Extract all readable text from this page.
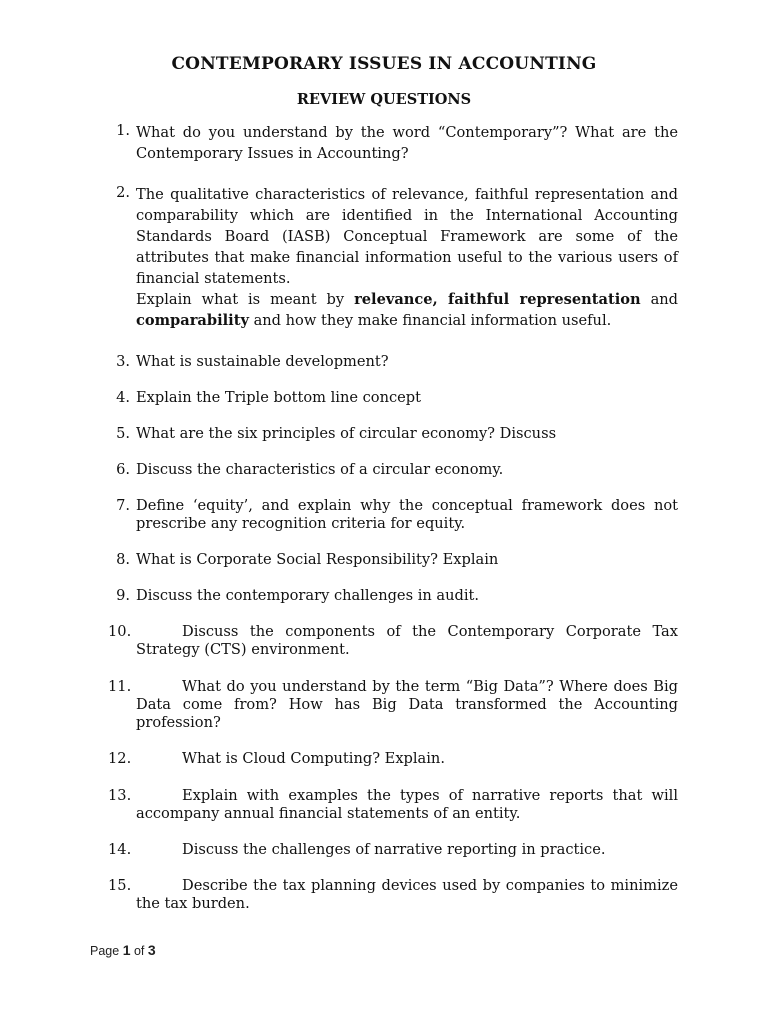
CONTEMPORARY ISSUES IN ACCOUNTING
REVIEW QUESTIONS
1. What do you understand by the word “Contemporary”? What are the Contemporary Issues in Accounting?

2. The qualitative characteristics of relevance, faithful representation and comparability which are identified in the International Accounting Standards Board (IASB) Conceptual Framework are some of the attributes that make financial information useful to the various users of financial statements.

Explain what is meant by relevance, faithful representation and comparability and how they make financial information useful.

3. What is sustainable development?

4. Explain the Triple bottom line concept

5. What are the six principles of circular economy? Discuss

6. Discuss the characteristics of a circular economy.

7. Define ‘equity’, and explain why the conceptual framework does not prescribe any recognition criteria for equity.

8. What is Corporate Social Responsibility? Explain

9. Discuss the contemporary challenges in audit.

10.	Discuss the components of the Contemporary Corporate Tax Strategy (CTS) environment.

11.	What do you understand by the term “Big Data”? Where does Big Data come from? How has Big Data transformed the Accounting profession?

12.	What is Cloud Computing? Explain.

13.	Explain with examples the types of narrative reports that will accompany annual financial statements of an entity.

14.	Discuss the challenges of narrative reporting in practice.

15.	Describe the tax planning devices used by companies to minimize the tax burden.

Page 1 of 3
